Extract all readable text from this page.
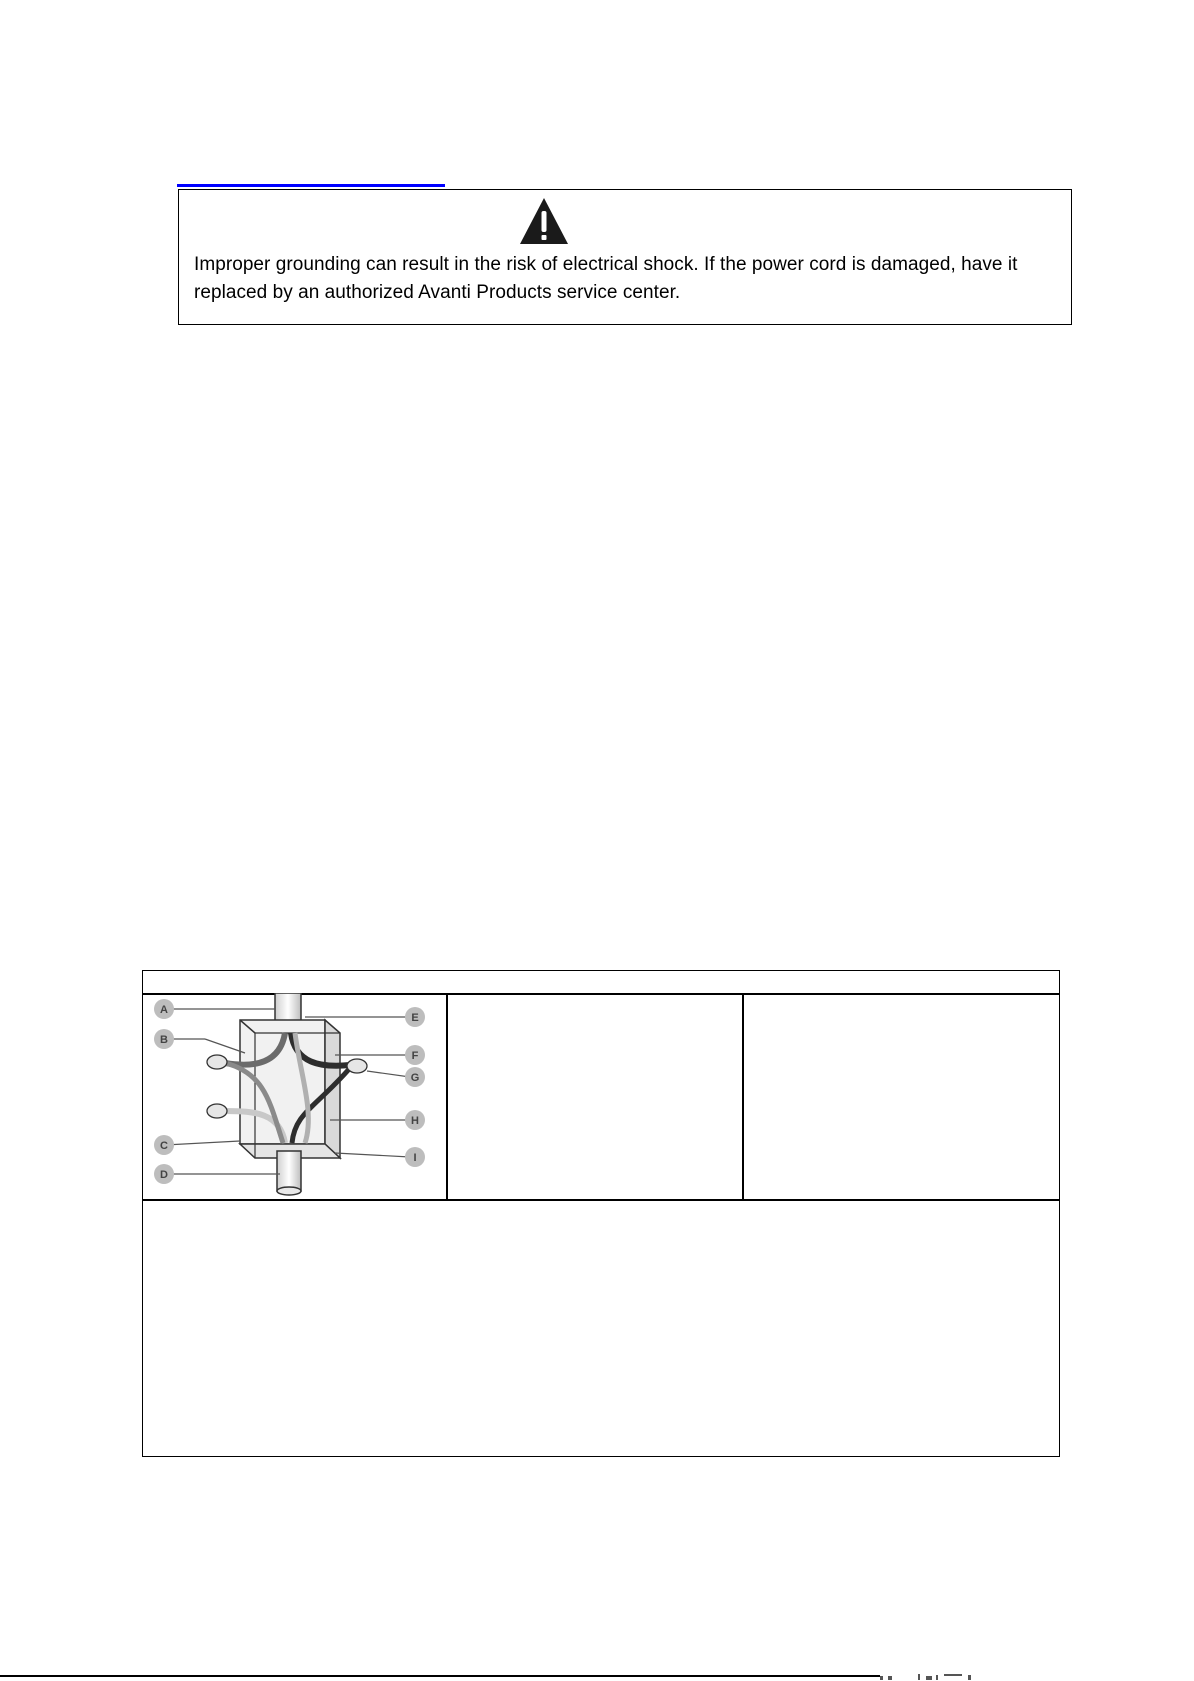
Improper grounding can result in the risk of electrical shock. If the power cord is damaged, have it replaced by an authorized Avanti Products service center.
A
B
C
D
E
F
G
H
I
